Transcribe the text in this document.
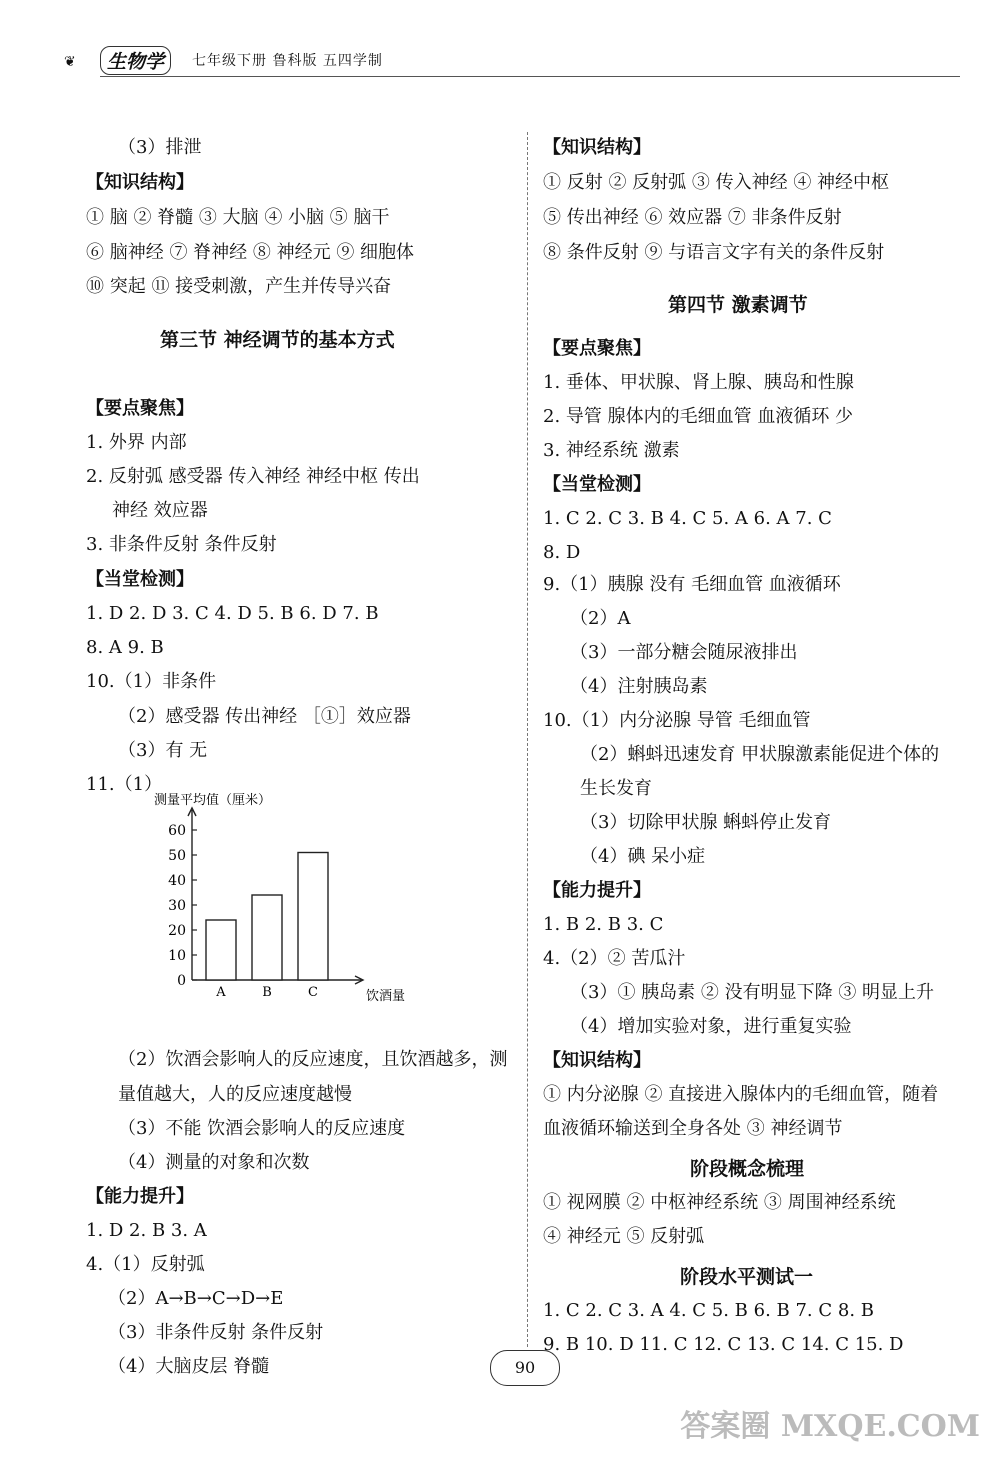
❦	生物学	七年级下册 鲁科版 五四学制
（3）排泄
【知识结构】
① 脑 ② 脊髓 ③ 大脑 ④ 小脑 ⑤ 脑干
⑥ 脑神经 ⑦ 脊神经 ⑧ 神经元 ⑨ 细胞体
⑩ 突起 ⑪ 接受刺激，产生并传导兴奋
第三节 神经调节的基本方式
【要点聚焦】
1. 外界 内部
2. 反射弧 感受器 传入神经 神经中枢 传出
神经 效应器
3. 非条件反射 条件反射
【当堂检测】
1. D 2. D 3. C 4. D 5. B 6. D 7. B
8. A 9. B
10.（1）非条件
（2）感受器 传出神经 ［①］效应器
（3）有 无
11.（1）
0
10
20
30
40
50
60
测量平均值（厘米）
饮酒量
A	B	C
（2）饮酒会影响人的反应速度，且饮酒越多，测
量值越大，人的反应速度越慢
（3）不能 饮酒会影响人的反应速度
（4）测量的对象和次数
【能力提升】
1. D 2. B 3. A
4.（1）反射弧
（2）A→B→C→D→E
（3）非条件反射 条件反射
（4）大脑皮层 脊髓
【知识结构】
① 反射 ② 反射弧 ③ 传入神经 ④ 神经中枢
⑤ 传出神经 ⑥ 效应器 ⑦ 非条件反射
⑧ 条件反射 ⑨ 与语言文字有关的条件反射
第四节 激素调节
【要点聚焦】
1. 垂体、甲状腺、肾上腺、胰岛和性腺
2. 导管 腺体内的毛细血管 血液循环 少
3. 神经系统 激素
【当堂检测】
1. C 2. C 3. B 4. C 5. A 6. A 7. C
8. D
9.（1）胰腺 没有 毛细血管 血液循环
（2）A
（3）一部分糖会随尿液排出
（4）注射胰岛素
10.（1）内分泌腺 导管 毛细血管
（2）蝌蚪迅速发育 甲状腺激素能促进个体的
生长发育
（3）切除甲状腺 蝌蚪停止发育
（4）碘 呆小症
【能力提升】
1. B 2. B 3. C
4.（2）② 苦瓜汁
（3）① 胰岛素 ② 没有明显下降 ③ 明显上升
（4）增加实验对象，进行重复实验
【知识结构】
① 内分泌腺 ② 直接进入腺体内的毛细血管，随着
血液循环输送到全身各处 ③ 神经调节
阶段概念梳理
① 视网膜 ② 中枢神经系统 ③ 周围神经系统
④ 神经元 ⑤ 反射弧
阶段水平测试一
1. C 2. C 3. A 4. C 5. B 6. B 7. C 8. B
9. B 10. D 11. C 12. C 13. C 14. C 15. D
90
答案圈 MXQE.COM
